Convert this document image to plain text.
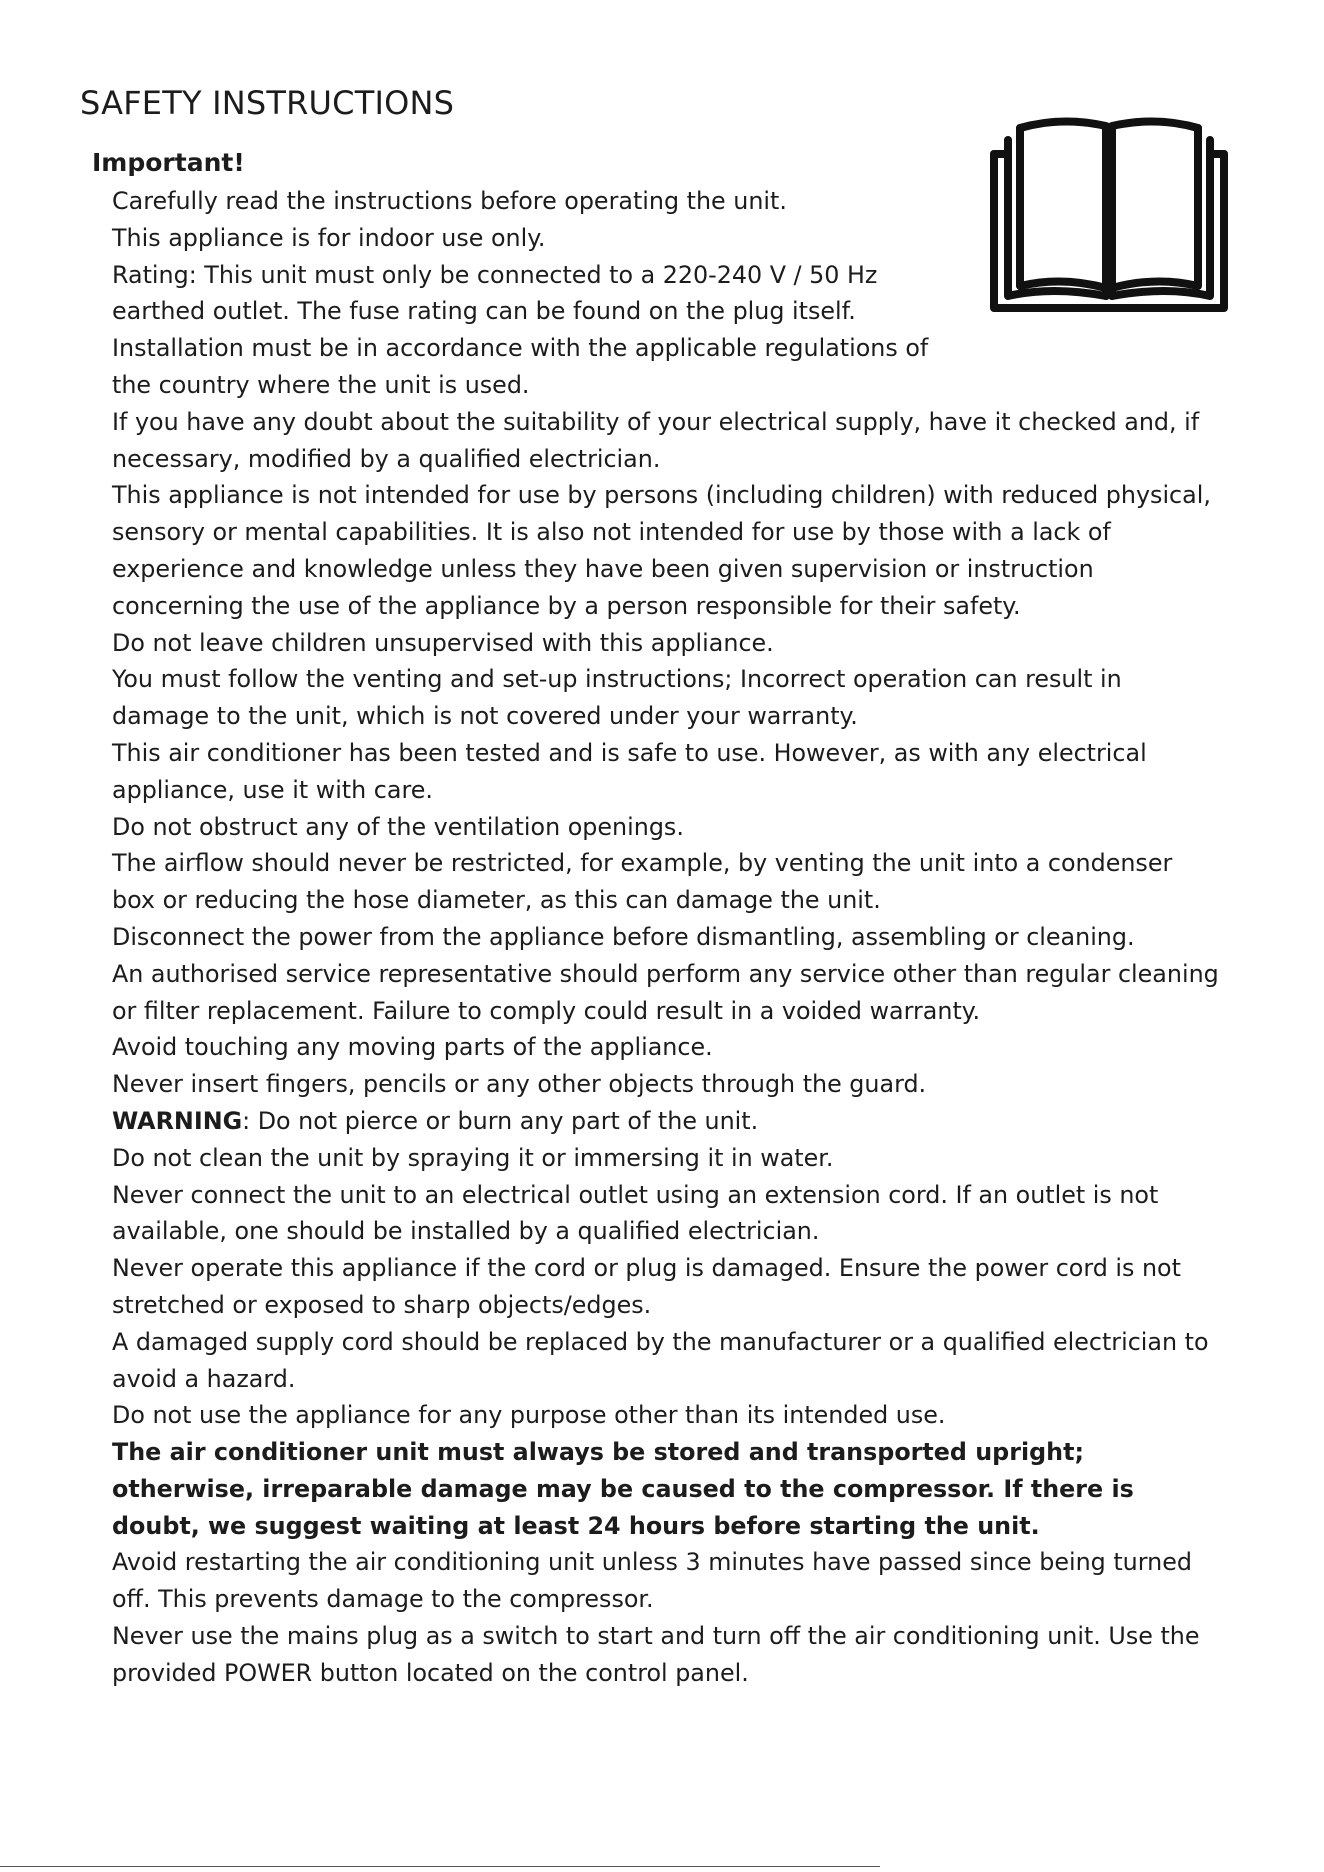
SAFETY INSTRUCTIONS

Important!

Carefully read the instructions before operating the unit.
This appliance is for indoor use only.
Rating: This unit must only be connected to a 220-240 V / 50 Hz earthed outlet. The fuse rating can be found on the plug itself.
Installation must be in accordance with the applicable regulations of the country where the unit is used.
If you have any doubt about the suitability of your electrical supply, have it checked and, if necessary, modified by a qualified electrician.
This appliance is not intended for use by persons (including children) with reduced physical, sensory or mental capabilities. It is also not intended for use by those with a lack of experience and knowledge unless they have been given supervision or instruction concerning the use of the appliance by a person responsible for their safety.
Do not leave children unsupervised with this appliance.
You must follow the venting and set-up instructions; Incorrect operation can result in damage to the unit, which is not covered under your warranty.
This air conditioner has been tested and is safe to use. However, as with any electrical appliance, use it with care.
Do not obstruct any of the ventilation openings.
The airflow should never be restricted, for example, by venting the unit into a condenser box or reducing the hose diameter, as this can damage the unit.
Disconnect the power from the appliance before dismantling, assembling or cleaning.
An authorised service representative should perform any service other than regular cleaning or filter replacement. Failure to comply could result in a voided warranty.
Avoid touching any moving parts of the appliance.
Never insert fingers, pencils or any other objects through the guard.
WARNING: Do not pierce or burn any part of the unit.
Do not clean the unit by spraying it or immersing it in water.
Never connect the unit to an electrical outlet using an extension cord. If an outlet is not available, one should be installed by a qualified electrician.
Never operate this appliance if the cord or plug is damaged. Ensure the power cord is not stretched or exposed to sharp objects/edges.
A damaged supply cord should be replaced by the manufacturer or a qualified electrician to avoid a hazard.
Do not use the appliance for any purpose other than its intended use.
The air conditioner unit must always be stored and transported upright; otherwise, irreparable damage may be caused to the compressor. If there is doubt, we suggest waiting at least 24 hours before starting the unit.
Avoid restarting the air conditioning unit unless 3 minutes have passed since being turned off. This prevents damage to the compressor.
Never use the mains plug as a switch to start and turn off the air conditioning unit. Use the provided POWER button located on the control panel.
